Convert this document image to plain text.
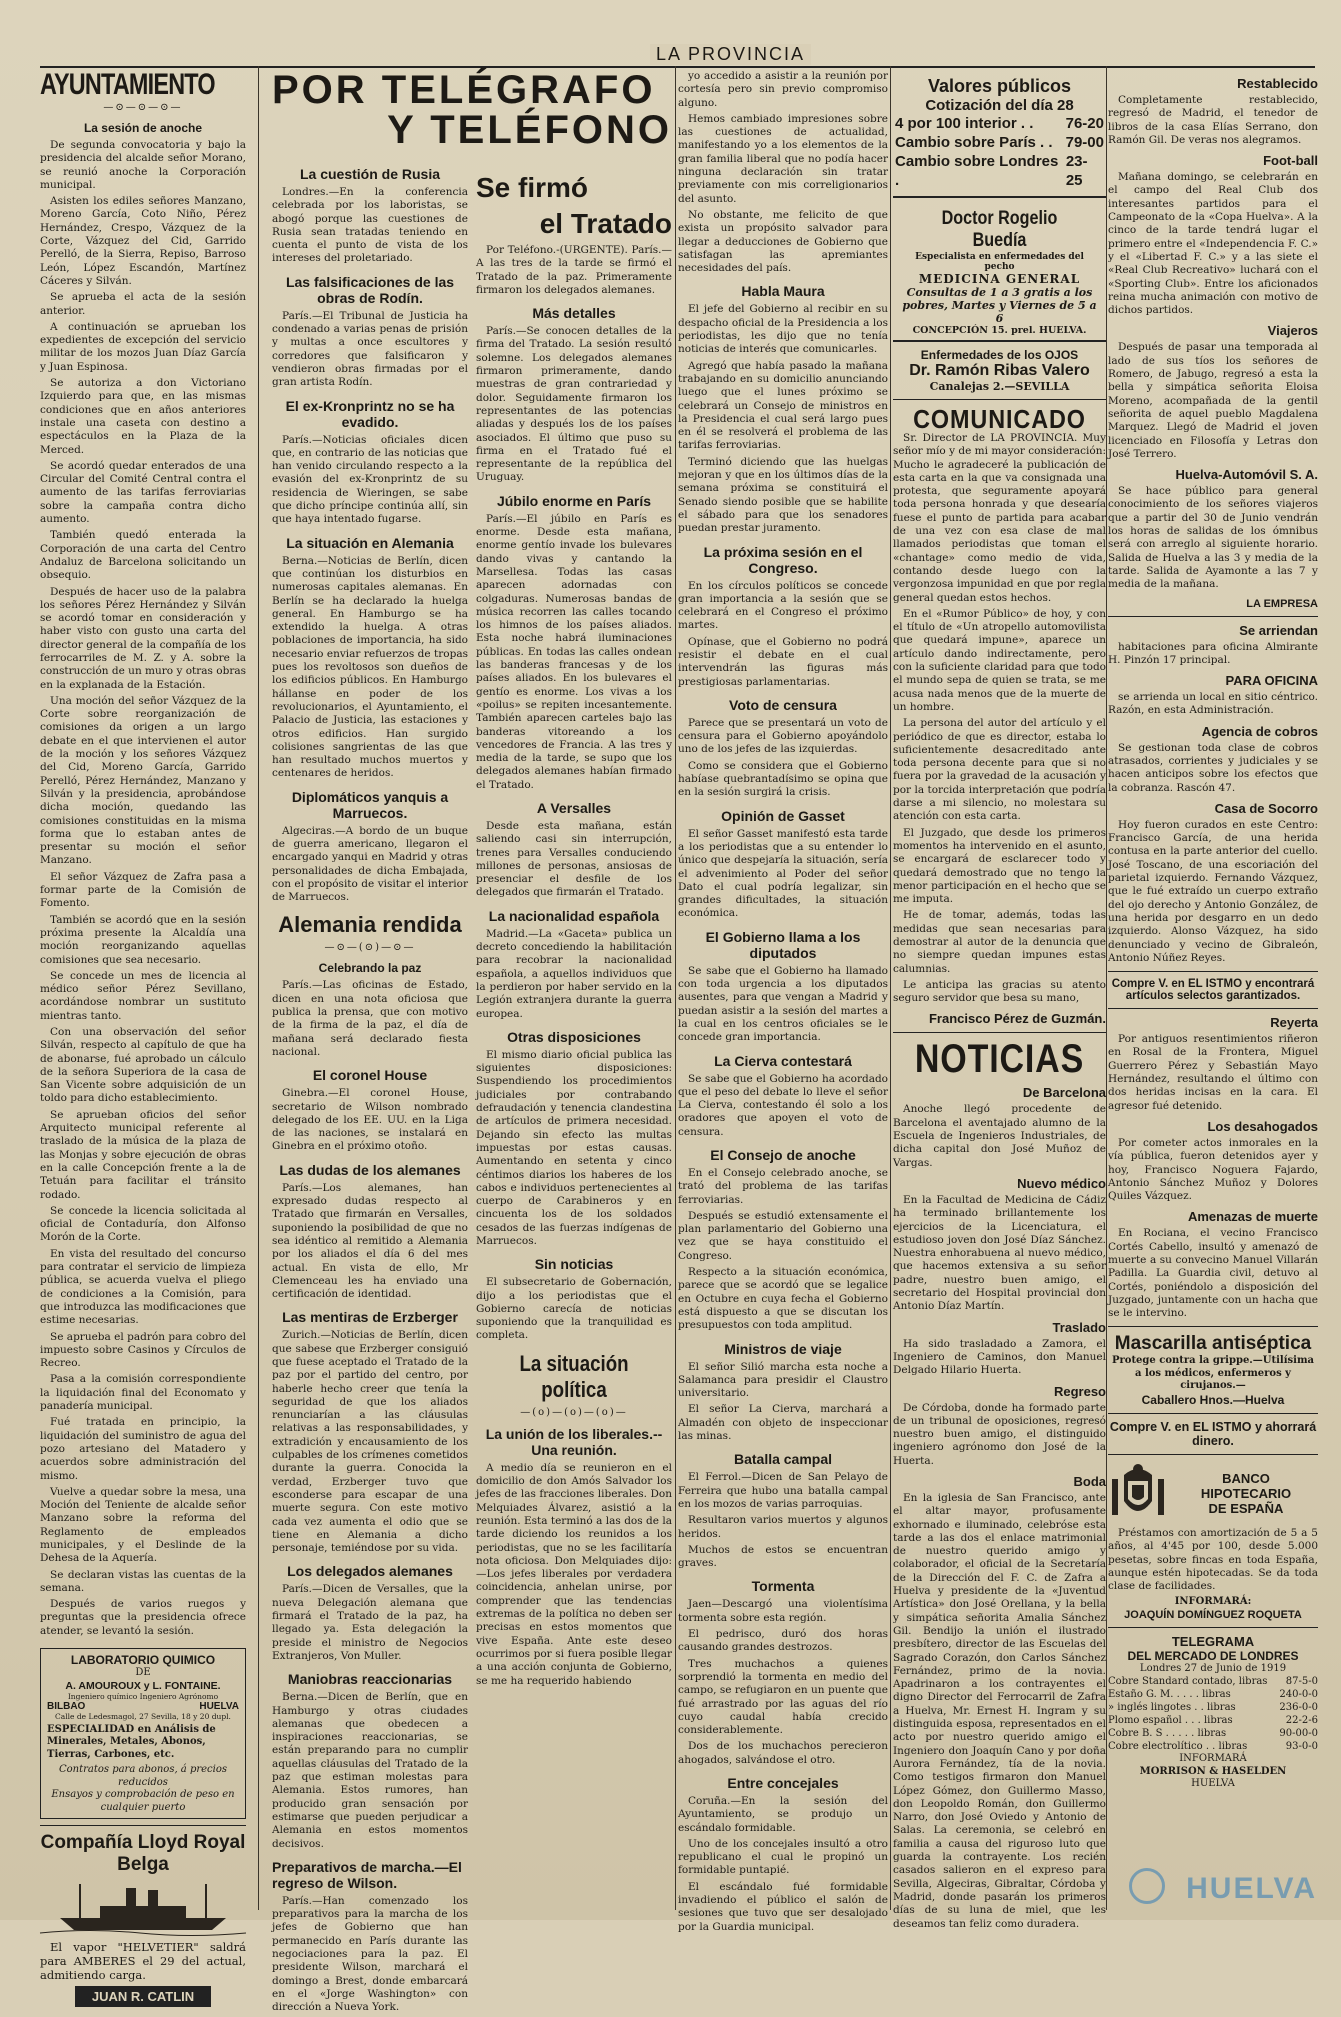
LA PROVINCIA
AYUNTAMIENTO
—⊙—⊙—⊙—
La sesión de anoche

De segunda convocatoria y bajo la presidencia del alcalde señor Morano, se reunió anoche la Corporación municipal.

Asisten los ediles señores Manzano, Moreno García, Coto Niño, Pérez Hernández, Crespo, Vázquez de la Corte, Vázquez del Cid, Garrido Perelló, de la Sierra, Repiso, Barroso León, López Escandón, Martínez Cáceres y Silván.

Se aprueba el acta de la sesión anterior.

A continuación se aprueban los expedientes de excepción del servicio militar de los mozos Juan Díaz García y Juan Espinosa.

Se autoriza a don Victoriano Izquierdo para que, en las mismas condiciones que en años anteriores instale una caseta con destino a espectáculos en la Plaza de la Merced.

Se acordó quedar enterados de una Circular del Comité Central contra el aumento de las tarifas ferroviarias sobre la campaña contra dicho aumento.

También quedó enterada la Corporación de una carta del Centro Andaluz de Barcelona solicitando un obsequio.

Después de hacer uso de la palabra los señores Pérez Hernández y Silván se acordó tomar en consideración y haber visto con gusto una carta del director general de la compañía de los ferrocarriles de M. Z. y A. sobre la construcción de un muro y otras obras en la explanada de la Estación.

Una moción del señor Vázquez de la Corte sobre reorganización de comisiones da origen a un largo debate en el que intervienen el autor de la moción y los señores Vázquez del Cid, Moreno García, Garrido Perelló, Pérez Hernández, Manzano y Silván y la presidencia, aprobándose dicha moción, quedando las comisiones constituidas en la misma forma que lo estaban antes de presentar su moción el señor Manzano.

El señor Vázquez de Zafra pasa a formar parte de la Comisión de Fomento.

También se acordó que en la sesión próxima presente la Alcaldía una moción reorganizando aquellas comisiones que sea necesario.

Se concede un mes de licencia al médico señor Pérez Sevillano, acordándose nombrar un sustituto mientras tanto.

Con una observación del señor Silván, respecto al capítulo de que ha de abonarse, fué aprobado un cálculo de la señora Superiora de la casa de San Vicente sobre adquisición de un toldo para dicho establecimiento.

Se aprueban oficios del señor Arquitecto municipal referente al traslado de la música de la plaza de las Monjas y sobre ejecución de obras en la calle Concepción frente a la de Tetuán para facilitar el tránsito rodado.

Se concede la licencia solicitada al oficial de Contaduría, don Alfonso Morón de la Corte.

En vista del resultado del concurso para contratar el servicio de limpieza pública, se acuerda vuelva el pliego de condiciones a la Comisión, para que introduzca las modificaciones que estime necesarias.

Se aprueba el padrón para cobro del impuesto sobre Casinos y Círculos de Recreo.

Pasa a la comisión correspondiente la liquidación final del Economato y panadería municipal.

Fué tratada en principio, la liquidación del suministro de agua del pozo artesiano del Matadero y acuerdos sobre administración del mismo.

Vuelve a quedar sobre la mesa, una Moción del Teniente de alcalde señor Manzano sobre la reforma del Reglamento de empleados municipales, y el Deslinde de la Dehesa de la Aquería.

Se declaran vistas las cuentas de la semana.

Después de varios ruegos y preguntas que la presidencia ofrece atender, se levantó la sesión.

LABORATORIO QUIMICO
DE
A. AMOUROUX y L. FONTAINE.
Ingeniero químico Ingeniero Agrónomo
BILBAO	HUELVA
Calle de Ledesmagol, 27 Sevilla, 18 y 20 dupl.
ESPECIALIDAD en Análisis de Minerales, Metales, Abonos, Tierras, Carbones, etc.
Contratos para abonos, á precios reducidos
Ensayos y comprobación de peso en cualquier puerto
Compañía Lloyd Royal Belga

El vapor "HELVETIER" saldrá para AMBERES el 29 del actual, admitiendo carga.

JUAN R. CATLIN
POR TELÉGRAFO
Y TELÉFONO
La cuestión de Rusia

Londres.—En la conferencia celebrada por los laboristas, se abogó porque las cuestiones de Rusia sean tratadas teniendo en cuenta el punto de vista de los intereses del proletariado.

Las falsificaciones de las obras de Rodín.

París.—El Tribunal de Justicia ha condenado a varias penas de prisión y multas a once escultores y corredores que falsificaron y vendieron obras firmadas por el gran artista Rodín.

El ex-Kronprintz no se ha evadido.

París.—Noticias oficiales dicen que, en contrario de las noticias que han venido circulando respecto a la evasión del ex-Kronprintz de su residencia de Wieringen, se sabe que dicho príncipe continúa allí, sin que haya intentado fugarse.

La situación en Alemania

Berna.—Noticias de Berlín, dicen que continúan los disturbios en numerosas capitales alemanas. En Berlín se ha declarado la huelga general. En Hamburgo se ha extendido la huelga. A otras poblaciones de importancia, ha sido necesario enviar refuerzos de tropas pues los revoltosos son dueños de los edificios públicos. En Hamburgo hállanse en poder de los revolucionarios, el Ayuntamiento, el Palacio de Justicia, las estaciones y otros edificios. Han surgido colisiones sangrientas de las que han resultado muchos muertos y centenares de heridos.

Diplomáticos yanquis a Marruecos.

Algeciras.—A bordo de un buque de guerra americano, llegaron el encargado yanqui en Madrid y otras personalidades de dicha Embajada, con el propósito de visitar el interior de Marruecos.

Alemania rendida
—⊙—(⊙)—⊙—
Celebrando la paz

París.—Las oficinas de Estado, dicen en una nota oficiosa que publica la prensa, que con motivo de la firma de la paz, el día de mañana será declarado fiesta nacional.

El coronel House

Ginebra.—El coronel House, secretario de Wilson nombrado delegado de los EE. UU. en la Liga de las naciones, se instalará en Ginebra en el próximo otoño.

Las dudas de los alemanes

París.—Los alemanes, han expresado dudas respecto al Tratado que firmarán en Versalles, suponiendo la posibilidad de que no sea idéntico al remitido a Alemania por los aliados el día 6 del mes actual. En vista de ello, Mr Clemenceau les ha enviado una certificación de identidad.

Las mentiras de Erzberger

Zurich.—Noticias de Berlín, dicen que sabese que Erzberger consiguió que fuese aceptado el Tratado de la paz por el partido del centro, por haberle hecho creer que tenía la seguridad de que los aliados renunciarían a las cláusulas relativas a las responsabilidades, y extradición y encausamiento de los culpables de los crímenes cometidos durante la guerra. Conocida la verdad, Erzberger tuvo que esconderse para escapar de una muerte segura. Con este motivo cada vez aumenta el odio que se tiene en Alemania a dicho personaje, temiéndose por su vida.

Los delegados alemanes

París.—Dicen de Versalles, que la nueva Delegación alemana que firmará el Tratado de la paz, ha llegado ya. Esta delegación la preside el ministro de Negocios Extranjeros, Von Muller.

Maniobras reaccionarias

Berna.—Dicen de Berlín, que en Hamburgo y otras ciudades alemanas que obedecen a inspiraciones reaccionarias, se están preparando para no cumplir aquellas cláusulas del Tratado de la paz que estiman molestas para Alemania. Estos rumores, han producido gran sensación por estimarse que pueden perjudicar a Alemania en estos momentos decisivos.

Preparativos de marcha.—El regreso de Wilson.

París.—Han comenzado los preparativos para la marcha de los jefes de Gobierno que han permanecido en París durante las negociaciones para la paz. El presidente Wilson, marchará el domingo a Brest, donde embarcará en el «Jorge Washington» con dirección a Nueva York.

Se firmó
el Tratado

Por Teléfono.-(URGENTE). París.—A las tres de la tarde se firmó el Tratado de la paz. Primeramente firmaron los delegados alemanes.

Más detalles

París.—Se conocen detalles de la firma del Tratado. La sesión resultó solemne. Los delegados alemanes firmaron primeramente, dando muestras de gran contrariedad y dolor. Seguidamente firmaron los representantes de las potencias aliadas y después los de los países asociados. El último que puso su firma en el Tratado fué el representante de la república del Uruguay.

Júbilo enorme en París

París.—El júbilo en París es enorme. Desde esta mañana, enorme gentío invade los bulevares dando vivas y cantando la Marsellesa. Todas las casas aparecen adornadas con colgaduras. Numerosas bandas de música recorren las calles tocando los himnos de los países aliados. Esta noche habrá iluminaciones públicas. En todas las calles ondean las banderas francesas y de los países aliados. En los bulevares el gentío es enorme. Los vivas a los «poilus» se repiten incesantemente. También aparecen carteles bajo las banderas vitoreando a los vencedores de Francia. A las tres y media de la tarde, se supo que los delegados alemanes habían firmado el Tratado.

A Versalles

Desde esta mañana, están saliendo casi sin interrupción, trenes para Versalles conduciendo millones de personas, ansiosas de presenciar el desfile de los delegados que firmarán el Tratado.

La nacionalidad española

Madrid.—La «Gaceta» publica un decreto concediendo la habilitación para recobrar la nacionalidad española, a aquellos individuos que la perdieron por haber servido en la Legión extranjera durante la guerra europea.

Otras disposiciones

El mismo diario oficial publica las siguientes disposiciones: Suspendiendo los procedimientos judiciales por contrabando defraudación y tenencia clandestina de artículos de primera necesidad. Dejando sin efecto las multas impuestas por estas causas. Aumentando en setenta y cinco céntimos diarios los haberes de los cabos e individuos pertenecientes al cuerpo de Carabineros y en cincuenta los de los soldados cesados de las fuerzas indígenas de Marruecos.

Sin noticias

El subsecretario de Gobernación, dijo a los periodistas que el Gobierno carecía de noticias suponiendo que la tranquilidad es completa.

La situación política
—(o)—(o)—(o)—
La unión de los liberales.--Una reunión.

A medio día se reunieron en el domicilio de don Amós Salvador los jefes de las fracciones liberales. Don Melquiades Álvarez, asistió a la reunión. Esta terminó a las dos de la tarde diciendo los reunidos a los periodistas, que no se les facilitaría nota oficiosa. Don Melquiades dijo: —Los jefes liberales por verdadera coincidencia, anhelan unirse, por comprender que las tendencias extremas de la política no deben ser precisas en estos momentos que vive España. Ante este deseo ocurrimos por si fuera posible llegar a una acción conjunta de Gobierno, se me ha requerido habiendo

yo accedido a asistir a la reunión por cortesía pero sin previo compromiso alguno.

Hemos cambiado impresiones sobre las cuestiones de actualidad, manifestando yo a los elementos de la gran familia liberal que no podía hacer ninguna declaración sin tratar previamente con mis correligionarios del asunto.

No obstante, me felicito de que exista un propósito salvador para llegar a deducciones de Gobierno que satisfagan las apremiantes necesidades del país.

Habla Maura

El jefe del Gobierno al recibir en su despacho oficial de la Presidencia a los periodistas, les dijo que no tenía noticias de interés que comunicarles.

Agregó que había pasado la mañana trabajando en su domicilio anunciando luego que el lunes próximo se celebrará un Consejo de ministros en la Presidencia el cual será largo pues en él se resolverá el problema de las tarifas ferroviarias.

Terminó diciendo que las huelgas mejoran y que en los últimos días de la semana próxima se constituirá el Senado siendo posible que se habilite el sábado para que los senadores puedan prestar juramento.

La próxima sesión en el Congreso.

En los círculos políticos se concede gran importancia a la sesión que se celebrará en el Congreso el próximo martes.

Opínase, que el Gobierno no podrá resistir el debate en el cual intervendrán las figuras más prestigiosas parlamentarias.

Voto de censura

Parece que se presentará un voto de censura para el Gobierno apoyándolo uno de los jefes de las izquierdas.

Como se considera que el Gobierno habíase quebrantadísimo se opina que en la sesión surgirá la crisis.

Opinión de Gasset

El señor Gasset manifestó esta tarde a los periodistas que a su entender lo único que despejaría la situación, sería el advenimiento al Poder del señor Dato el cual podría legalizar, sin grandes dificultades, la situación económica.

El Gobierno llama a los diputados

Se sabe que el Gobierno ha llamado con toda urgencia a los diputados ausentes, para que vengan a Madrid y puedan asistir a la sesión del martes a la cual en los centros oficiales se le concede gran importancia.

La Cierva contestará

Se sabe que el Gobierno ha acordado que el peso del debate lo lleve el señor La Cierva, contestando él solo a los oradores que apoyen el voto de censura.

El Consejo de anoche

En el Consejo celebrado anoche, se trató del problema de las tarifas ferroviarias.

Después se estudió extensamente el plan parlamentario del Gobierno una vez que se haya constituido el Congreso.

Respecto a la situación económica, parece que se acordó que se legalice en Octubre en cuya fecha el Gobierno está dispuesto a que se discutan los presupuestos con toda amplitud.

Ministros de viaje

El señor Silió marcha esta noche a Salamanca para presidir el Claustro universitario.

El señor La Cierva, marchará a Almadén con objeto de inspeccionar las minas.

Batalla campal

El Ferrol.—Dicen de San Pelayo de Ferreira que hubo una batalla campal en los mozos de varias parroquias.

Resultaron varios muertos y algunos heridos.

Muchos de estos se encuentran graves.

Tormenta

Jaen—Descargó una violentísima tormenta sobre esta región.

El pedrisco, duró dos horas causando grandes destrozos.

Tres muchachos a quienes sorprendió la tormenta en medio del campo, se refugiaron en un puente que fué arrastrado por las aguas del río cuyo caudal había crecido considerablemente.

Dos de los muchachos perecieron ahogados, salvándose el otro.

Entre concejales

Coruña.—En la sesión del Ayuntamiento, se produjo un escándalo formidable.

Uno de los concejales insultó a otro republicano el cual le propinó un formidable puntapié.

El escándalo fué formidable invadiendo el público el salón de sesiones que tuvo que ser desalojado por la Guardia municipal.

Valores públicos
Cotización del día 28
4 por 100 interior . . 76-20
Cambio sobre París . . 79-00
Cambio sobre Londres .
23-25
Doctor Rogelio Buedía
Especialista en enfermedades del pecho
MEDICINA GENERAL
Consultas de 1 a 3 gratis a los pobres, Martes y Viernes de 5 a 6
CONCEPCIÓN 15. prel. HUELVA.
Enfermedades de los OJOS
Dr. Ramón Ribas Valero
Canalejas 2.—SEVILLA
COMUNICADO

Sr. Director de LA PROVINCIA. Muy señor mío y de mi mayor consideración: Mucho le agradeceré la publicación de esta carta en la que va consignada una protesta, que seguramente apoyará toda persona honrada y que desearía fuese el punto de partida para acabar de una vez con esa clase de mal llamados periodistas que toman el «chantage» como medio de vida, contando desde luego con la vergonzosa impunidad en que por regla general quedan estos hechos.

En el «Rumor Público» de hoy, y con el título de «Un atropello automovilista que quedará impune», aparece un artículo dando indirectamente, pero con la suficiente claridad para que todo el mundo sepa de quien se trata, se me acusa nada menos que de la muerte de un hombre.

La persona del autor del artículo y el periódico de que es director, estaba lo suficientemente desacreditado ante toda persona decente para que si no fuera por la gravedad de la acusación y por la torcida interpretación que podría darse a mi silencio, no molestara su atención con esta carta.

El Juzgado, que desde los primeros momentos ha intervenido en el asunto, se encargará de esclarecer todo y quedará demostrado que no tengo la menor participación en el hecho que se me imputa.

He de tomar, además, todas las medidas que sean necesarias para demostrar al autor de la denuncia que no siempre quedan impunes estas calumnias.

Le anticipa las gracias su atento seguro servidor que besa su mano,

Francisco Pérez de Guzmán.
NOTICIAS
De Barcelona

Anoche llegó procedente de Barcelona el aventajado alumno de la Escuela de Ingenieros Industriales, de dicha capital don José Muñoz de Vargas.

Nuevo médico

En la Facultad de Medicina de Cádiz ha terminado brillantemente los ejercicios de la Licenciatura, el estudioso joven don José Díaz Sánchez. Nuestra enhorabuena al nuevo médico, que hacemos extensiva a su señor padre, nuestro buen amigo, el secretario del Hospital provincial don Antonio Díaz Martín.

Traslado

Ha sido trasladado a Zamora, el Ingeniero de Caminos, don Manuel Delgado Hilario Huerta.

Regreso

De Córdoba, donde ha formado parte de un tribunal de oposiciones, regresó nuestro buen amigo, el distinguido ingeniero agrónomo don José de la Huerta.

Boda

En la iglesia de San Francisco, ante el altar mayor, profusamente exhornado e iluminado, celebróse esta tarde a las dos el enlace matrimonial de nuestro querido amigo y colaborador, el oficial de la Secretaría de la Dirección del F. C. de Zafra a Huelva y presidente de la «Juventud Artística» don José Orellana, y la bella y simpática señorita Amalia Sánchez Gil. Bendijo la unión el ilustrado presbítero, director de las Escuelas del Sagrado Corazón, don Carlos Sánchez Fernández, primo de la novia. Apadrinaron a los contrayentes el digno Director del Ferrocarril de Zafra a Huelva, Mr. Ernest H. Ingram y su distinguida esposa, representados en el acto por nuestro querido amigo el Ingeniero don Joaquín Cano y por doña Aurora Fernández, tía de la novia. Como testigos firmaron don Manuel López Gómez, don Guillermo Masso, don Leopoldo Román, don Guillermo Narro, don José Oviedo y Antonio de Salas. La ceremonia, se celebró en familia a causa del riguroso luto que guarda la contrayente. Los recién casados salieron en el expreso para Sevilla, Algeciras, Gibraltar, Córdoba y Madrid, donde pasarán los primeros días de su luna de miel, que les deseamos tan feliz como duradera.

Restablecido

Completamente restablecido, regresó de Madrid, el tenedor de libros de la casa Elías Serrano, don Ramón Gil. De veras nos alegramos.

Foot-ball

Mañana domingo, se celebrarán en el campo del Real Club dos interesantes partidos para el Campeonato de la «Copa Huelva». A la cinco de la tarde tendrá lugar el primero entre el «Independencia F. C.» y el «Libertad F. C.» y a las siete el «Real Club Recreativo» luchará con el «Sporting Club». Entre los aficionados reina mucha animación con motivo de dichos partidos.

Viajeros

Después de pasar una temporada al lado de sus tíos los señores de Romero, de Jabugo, regresó a esta la bella y simpática señorita Eloisa Moreno, acompañada de la gentil señorita de aquel pueblo Magdalena Marquez. Llegó de Madrid el joven licenciado en Filosofía y Letras don José Terrero.

Huelva-Automóvil S. A.

Se hace público para general conocimiento de los señores viajeros que a partir del 30 de Junio vendrán los horas de salidas de los ómnibus será con arreglo al siguiente horario. Salida de Huelva a las 3 y media de la tarde. Salida de Ayamonte a las 7 y media de la mañana.

LA EMPRESA
Se arriendan

habitaciones para oficina Almirante H. Pinzón 17 principal.

PARA OFICINA

se arrienda un local en sitio céntrico. Razón, en esta Administración.

Agencia de cobros

Se gestionan toda clase de cobros atrasados, corrientes y judiciales y se hacen anticipos sobre los efectos que la cobranza. Rascón 47.

Casa de Socorro

Hoy fueron curados en este Centro: Francisco García, de una herida contusa en la parte anterior del cuello. José Toscano, de una escoriación del parietal izquierdo. Fernando Vázquez, que le fué extraído un cuerpo extraño del ojo derecho y Antonio González, de una herida por desgarro en un dedo izquierdo. Alonso Vázquez, ha sido denunciado y vecino de Gibraleón, Antonio Núñez Reyes.

Compre V. en EL ISTMO y encontrará artículos selectos garantizados.
Reyerta

Por antiguos resentimientos riñeron en Rosal de la Frontera, Miguel Guerrero Pérez y Sebastián Mayo Hernández, resultando el último con dos heridas incisas en la cara. El agresor fué detenido.

Los desahogados

Por cometer actos inmorales en la vía pública, fueron detenidos ayer y hoy, Francisco Noguera Fajardo, Antonio Sánchez Muñoz y Dolores Quiles Vázquez.

Amenazas de muerte

En Rociana, el vecino Francisco Cortés Cabello, insultó y amenazó de muerte a su convecino Manuel Villarán Padilla. La Guardia civil, detuvo al Cortés, poniéndolo a disposición del Juzgado, juntamente con un hacha que se le intervino.

Mascarilla antiséptica
Protege contra la grippe.—Utilísima a los médicos, enfermeros y cirujanos.—
Caballero Hnos.—Huelva
Compre V. en EL ISTMO y ahorrará dinero.
BANCO
HIPOTECARIO
DE ESPAÑA

Préstamos con amortización de 5 a 5 años, al 4'45 por 100, desde 5.000 pesetas, sobre fincas en toda España, aunque estén hipotecadas. Se da toda clase de facilidades.

INFORMARÁ:
JOAQUÍN DOMÍNGUEZ ROQUETA
TELEGRAMA
DEL MERCADO DE LONDRES
Londres 27 de Junio de 1919
Cobre Standard contado, libras 87-5-0
Estaño G. M. . . . . libras	240-0-0
» inglés lingotes . . libras	236-0-0
Plomo español . . . libras	22-2-6
Cobre B. S . . . . . libras	90-00-0
Cobre electrolítico . . libras	93-0-0
INFORMARÁ
MORRISON & HASELDEN
HUELVA
HUELVA
